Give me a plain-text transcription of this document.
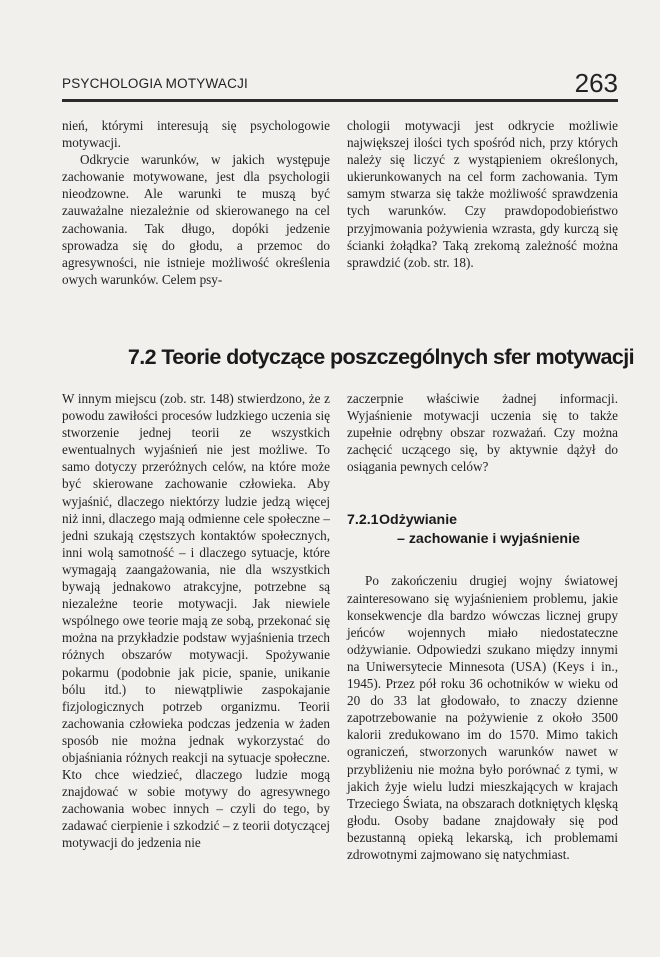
PSYCHOLOGIA MOTYWACJI	263

nień, którymi interesują się psychologowie motywacji.

Odkrycie warunków, w jakich występuje zachowanie motywowane, jest dla psychologii nieodzowne. Ale warunki te muszą być zauważalne niezależnie od skierowanego na cel zachowania. Tak długo, dopóki jedzenie sprowadza się do głodu, a przemoc do agresywności, nie istnieje możliwość określenia owych warunków. Celem psy-

chologii motywacji jest odkrycie możliwie największej ilości tych spośród nich, przy których należy się liczyć z wystąpieniem określonych, ukierunkowanych na cel form zachowania. Tym samym stwarza się także możliwość sprawdzenia tych warunków. Czy prawdopodobieństwo przyjmowania pożywienia wzrasta, gdy kurczą się ścianki żołądka? Taką zrekomą zależność można sprawdzić (zob. str. 18).

7.2 Teorie dotyczące poszczególnych sfer motywacji

W innym miejscu (zob. str. 148) stwierdzono, że z powodu zawiłości procesów ludzkiego uczenia się stworzenie jednej teorii ze wszystkich ewentualnych wyjaśnień nie jest możliwe. To samo dotyczy przeróżnych celów, na które może być skierowane zachowanie człowieka. Aby wyjaśnić, dlaczego niektórzy ludzie jedzą więcej niż inni, dlaczego mają odmienne cele społeczne – jedni szukają częstszych kontaktów społecznych, inni wolą samotność – i dlaczego sytuacje, które wymagają zaangażowania, nie dla wszystkich bywają jednakowo atrakcyjne, potrzebne są niezależne teorie motywacji. Jak niewiele wspólnego owe teorie mają ze sobą, przekonać się można na przykładzie podstaw wyjaśnienia trzech różnych obszarów motywacji. Spożywanie pokarmu (podobnie jak picie, spanie, unikanie bólu itd.) to niewątpliwie zaspokajanie fizjologicznych potrzeb organizmu. Teorii zachowania człowieka podczas jedzenia w żaden sposób nie można jednak wykorzystać do objaśniania różnych reakcji na sytuacje społeczne. Kto chce wiedzieć, dlaczego ludzie mogą znajdować w sobie motywy do agresywnego zachowania wobec innych – czyli do tego, by zadawać cierpienie i szkodzić – z teorii dotyczącej motywacji do jedzenia nie

zaczerpnie właściwie żadnej informacji. Wyjaśnienie motywacji uczenia się to także zupełnie odrębny obszar rozważań. Czy można zachęcić uczącego się, by aktywnie dążył do osiągania pewnych celów?

7.2.1Odżywianie
– zachowanie i wyjaśnienie

Po zakończeniu drugiej wojny światowej zainteresowano się wyjaśnieniem problemu, jakie konsekwencje dla bardzo wówczas licznej grupy jeńców wojennych miało niedostateczne odżywianie. Odpowiedzi szukano między innymi na Uniwersytecie Minnesota (USA) (Keys i in., 1945). Przez pół roku 36 ochotników w wieku od 20 do 33 lat głodowało, to znaczy dzienne zapotrzebowanie na pożywienie z około 3500 kalorii zredukowano im do 1570. Mimo takich ograniczeń, stworzonych warunków nawet w przybliżeniu nie można było porównać z tymi, w jakich żyje wielu ludzi mieszkających w krajach Trzeciego Świata, na obszarach dotkniętych klęską głodu. Osoby badane znajdowały się pod bezustanną opieką lekarską, ich problemami zdrowotnymi zajmowano się natychmiast.
